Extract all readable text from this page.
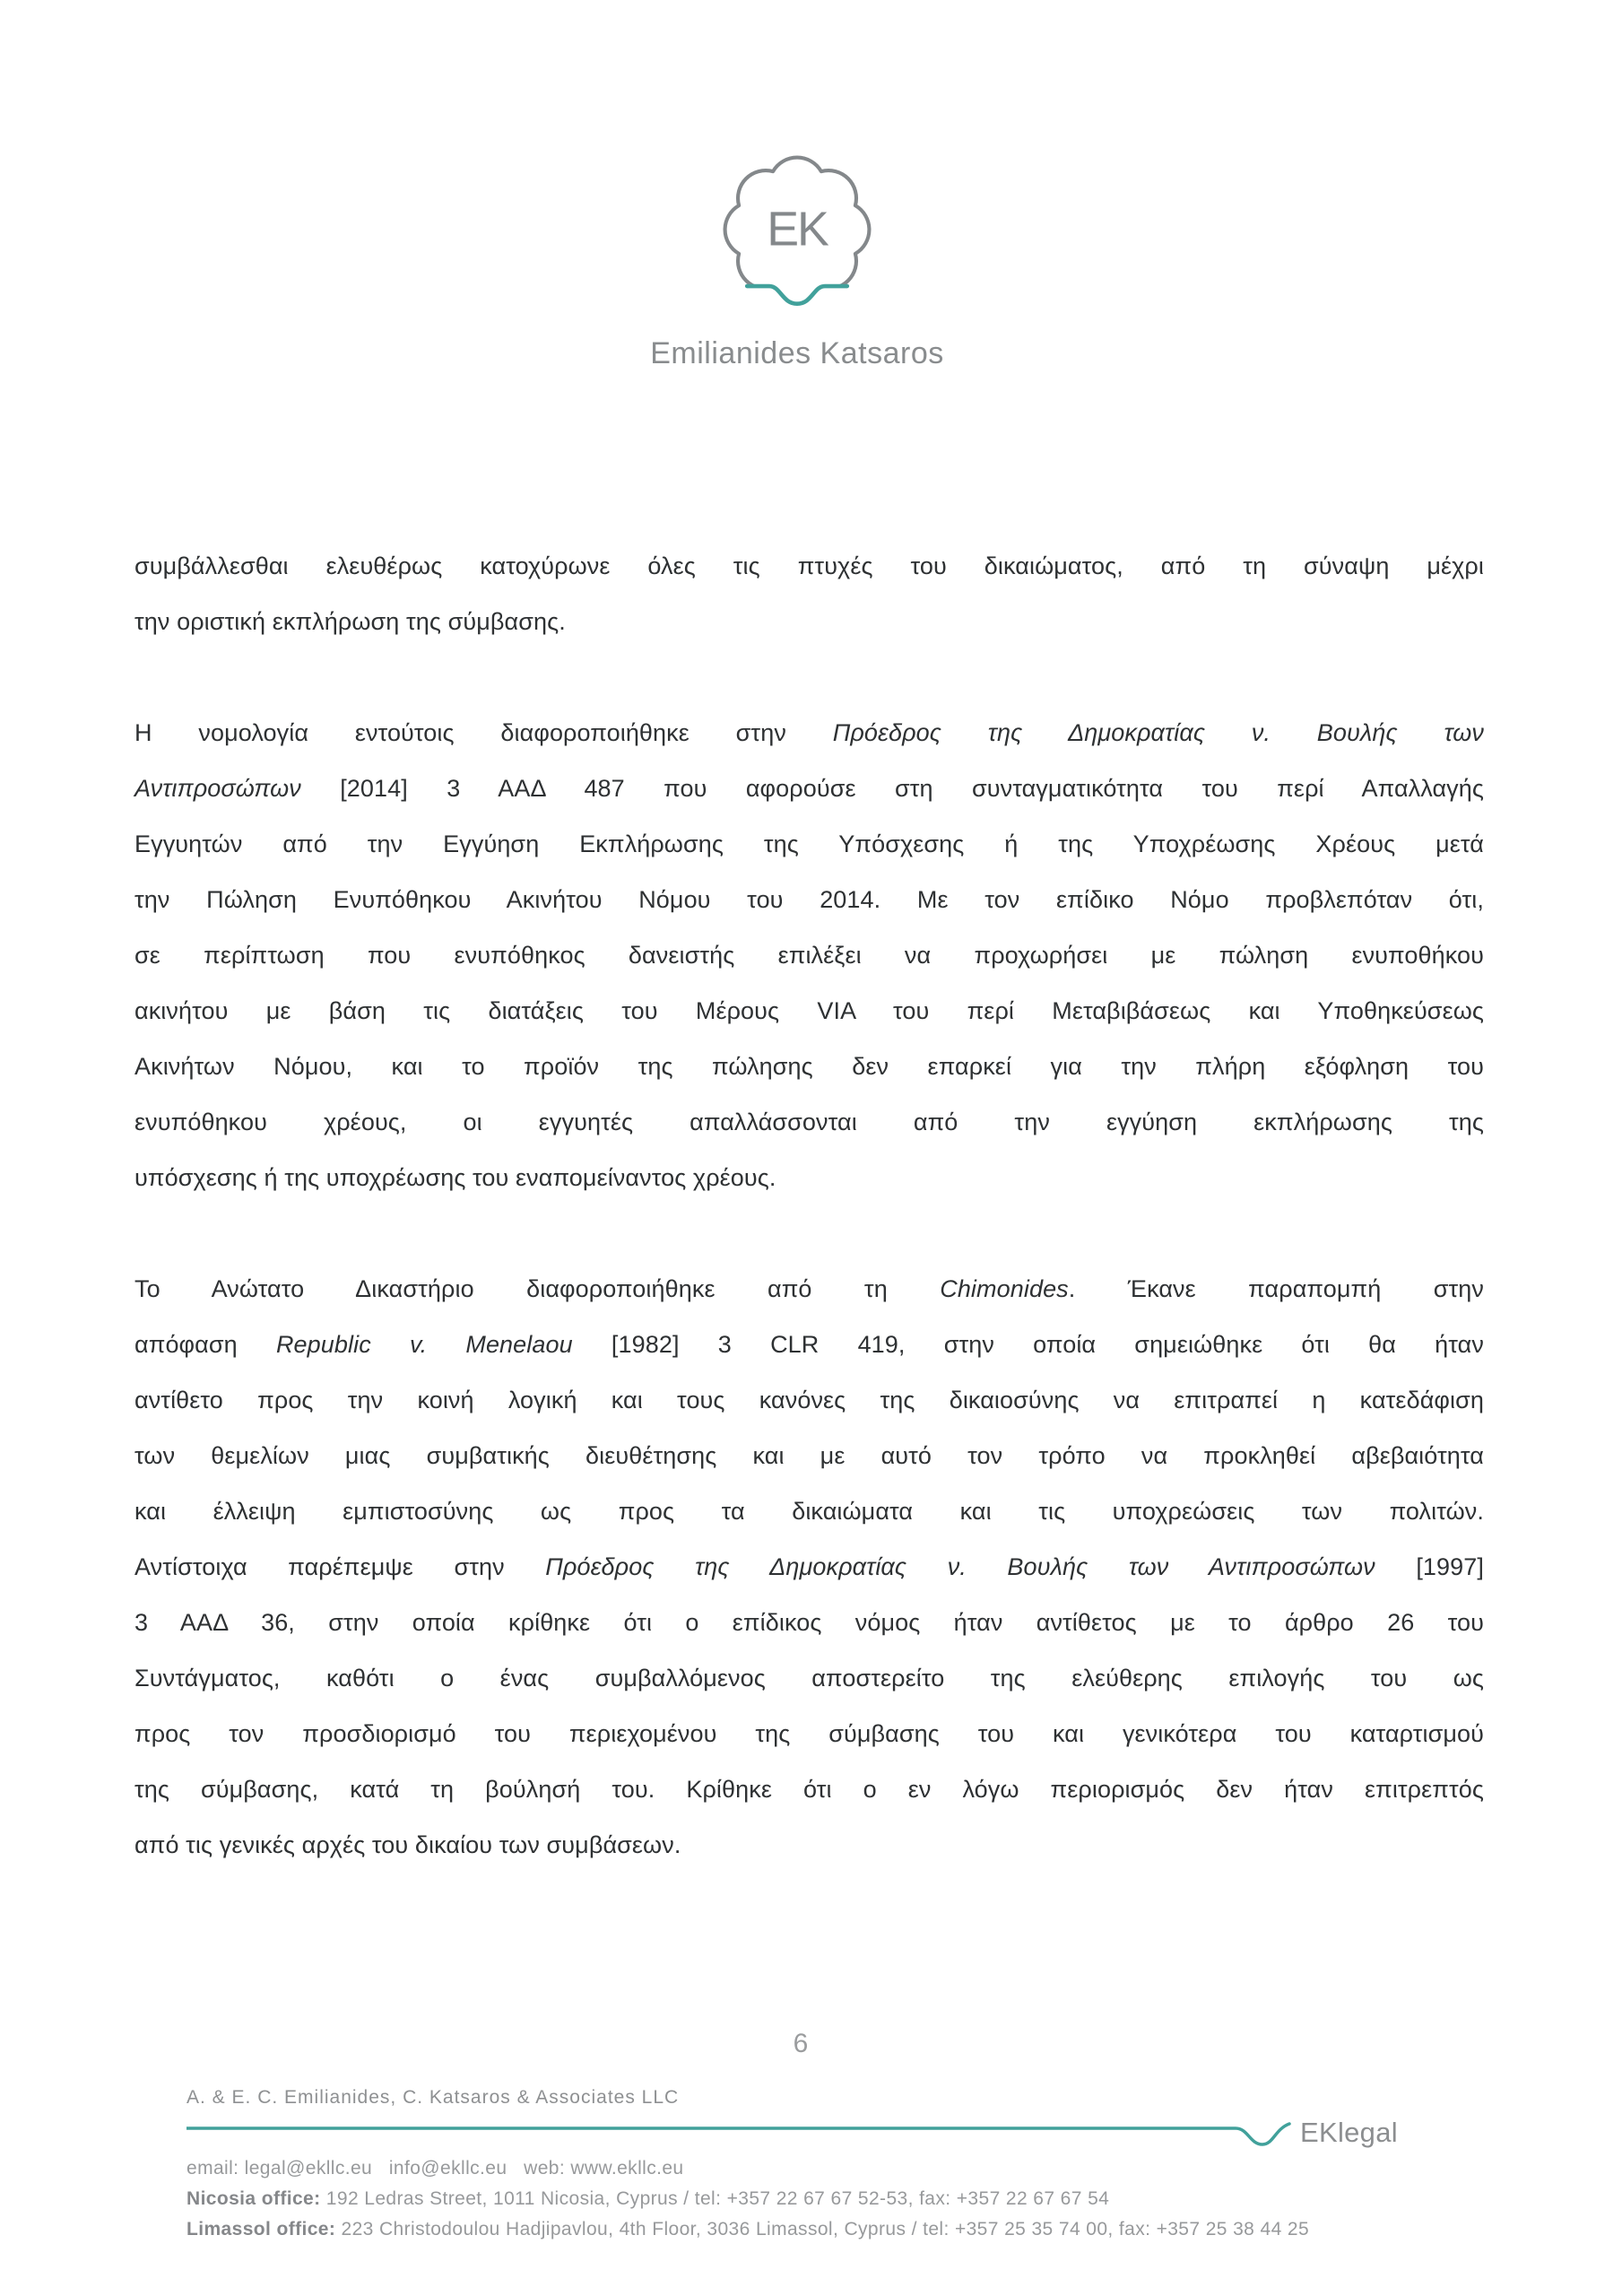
EK
Emilianides Katsaros
συμβάλλεσθαι ελευθέρως κατοχύρωνε όλες τις πτυχές του δικαιώματος, από τη σύναψη μέχρι
την οριστική εκπλήρωση της σύμβασης.
Η νομολογία εντούτοις διαφοροποιήθηκε στην Πρόεδρος της Δημοκρατίας ν. Βουλής των
Αντιπροσώπων [2014] 3 ΑΑΔ 487 που αφορούσε στη συνταγματικότητα του περί Απαλλαγής
Εγγυητών από την Εγγύηση Εκπλήρωσης της Υπόσχεσης ή της Υποχρέωσης Χρέους μετά
την Πώληση Ενυπόθηκου Ακινήτου Νόμου του 2014. Με τον επίδικο Νόμο προβλεπόταν ότι,
σε περίπτωση που ενυπόθηκος δανειστής επιλέξει να προχωρήσει με πώληση ενυποθήκου
ακινήτου με βάση τις διατάξεις του Μέρους VIA του περί Μεταβιβάσεως και Υποθηκεύσεως
Ακινήτων Νόμου, και το προϊόν της πώλησης δεν επαρκεί για την πλήρη εξόφληση του
ενυπόθηκου χρέους, οι εγγυητές απαλλάσσονται από την εγγύηση εκπλήρωσης της
υπόσχεσης ή της υποχρέωσης του εναπομείναντος χρέους.
Το Ανώτατο Δικαστήριο διαφοροποιήθηκε από τη Chimonides. Έκανε παραπομπή στην
απόφαση Republic v. Menelaou [1982] 3 CLR 419, στην οποία σημειώθηκε ότι θα ήταν
αντίθετο προς την κοινή λογική και τους κανόνες της δικαιοσύνης να επιτραπεί η κατεδάφιση
των θεμελίων μιας συμβατικής διευθέτησης και με αυτό τον τρόπο να προκληθεί αβεβαιότητα
και έλλειψη εμπιστοσύνης ως προς τα δικαιώματα και τις υποχρεώσεις των πολιτών.
Αντίστοιχα παρέπεμψε στην Πρόεδρος της Δημοκρατίας ν. Βουλής των Αντιπροσώπων [1997]
3 ΑΑΔ 36, στην οποία κρίθηκε ότι ο επίδικος νόμος ήταν αντίθετος με το άρθρο 26 του
Συντάγματος, καθότι ο ένας συμβαλλόμενος αποστερείτο της ελεύθερης επιλογής του ως
προς τον προσδιορισμό του περιεχομένου της σύμβασης του και γενικότερα του καταρτισμού
της σύμβασης, κατά τη βούλησή του. Κρίθηκε ότι ο εν λόγω περιορισμός δεν ήταν επιτρεπτός
από τις γενικές αρχές του δικαίου των συμβάσεων.
6
A. & E. C. Emilianides, C. Katsaros & Associates LLC
EKlegal
email: legal@ekllc.eu   info@ekllc.eu   web: www.ekllc.eu
Nicosia office: 192 Ledras Street, 1011 Nicosia, Cyprus / tel: +357 22 67 67 52-53, fax: +357 22 67 67 54
Limassol office: 223 Christodoulou Hadjipavlou, 4th Floor, 3036 Limassol, Cyprus / tel: +357 25 35 74 00, fax: +357 25 38 44 25
